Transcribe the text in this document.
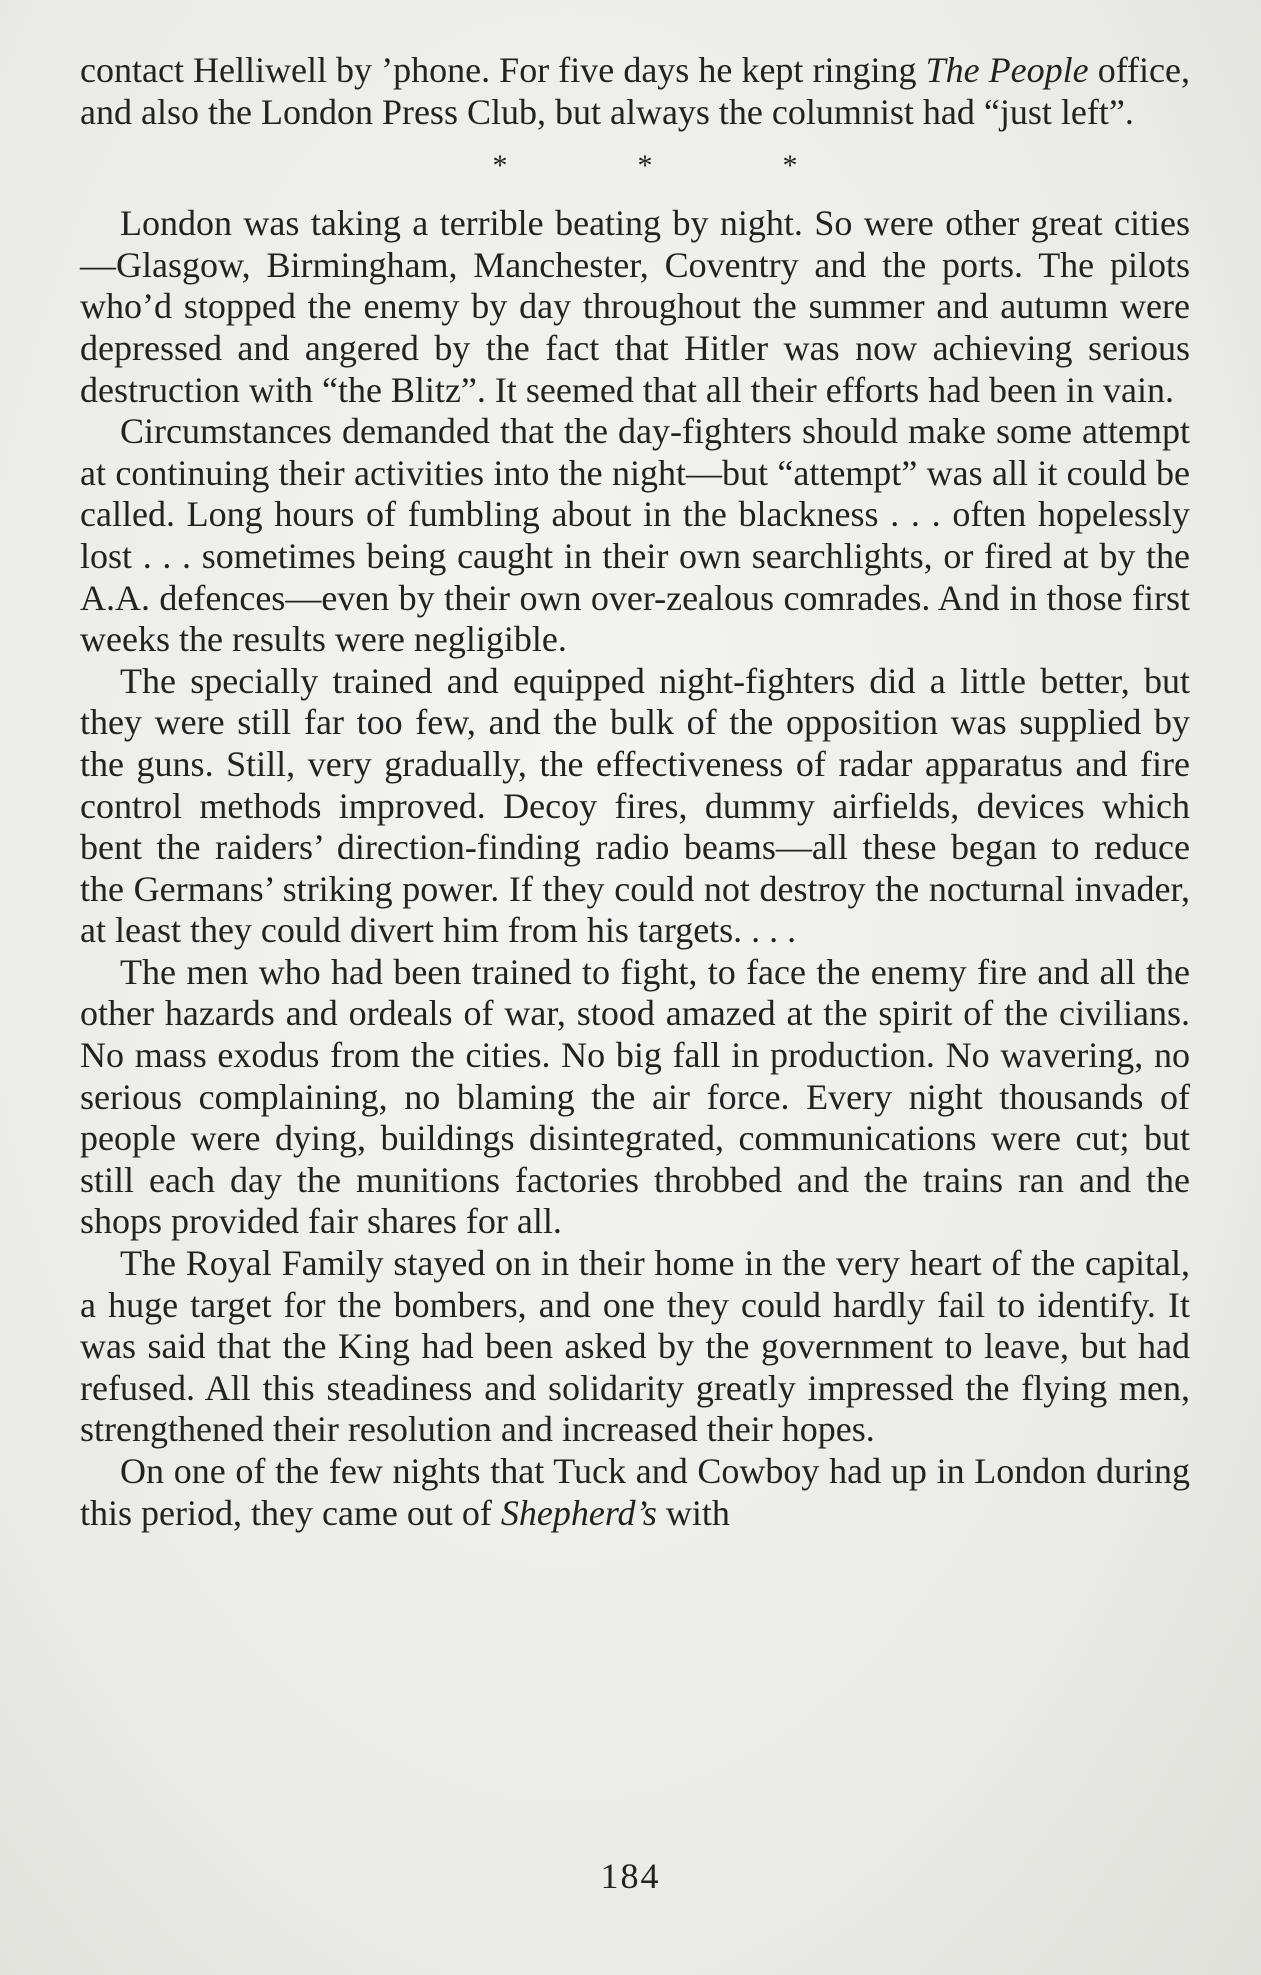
contact Helliwell by ’phone. For five days he kept ringing The People office, and also the London Press Club, but always the columnist had “just left”.

*	*	*

London was taking a terrible beating by night. So were other great cities—Glasgow, Birmingham, Manchester, Coventry and the ports. The pilots who’d stopped the enemy by day throughout the summer and autumn were depressed and angered by the fact that Hitler was now achieving serious destruction with “the Blitz”. It seemed that all their efforts had been in vain.

Circumstances demanded that the day-fighters should make some attempt at continuing their activities into the night—but “attempt” was all it could be called. Long hours of fumbling about in the blackness . . . often hopelessly lost . . . sometimes being caught in their own searchlights, or fired at by the A.A. defences—even by their own over-zealous comrades. And in those first weeks the results were negligible.

The specially trained and equipped night-fighters did a little better, but they were still far too few, and the bulk of the opposition was supplied by the guns. Still, very gradually, the effectiveness of radar apparatus and fire control methods improved. Decoy fires, dummy airfields, devices which bent the raiders’ direction-finding radio beams—all these began to reduce the Germans’ striking power. If they could not destroy the nocturnal invader, at least they could divert him from his targets. . . .

The men who had been trained to fight, to face the enemy fire and all the other hazards and ordeals of war, stood amazed at the spirit of the civilians. No mass exodus from the cities. No big fall in production. No wavering, no serious complaining, no blaming the air force. Every night thousands of people were dying, buildings disintegrated, communications were cut; but still each day the munitions factories throbbed and the trains ran and the shops provided fair shares for all.

The Royal Family stayed on in their home in the very heart of the capital, a huge target for the bombers, and one they could hardly fail to identify. It was said that the King had been asked by the government to leave, but had refused. All this steadiness and solidarity greatly impressed the flying men, strengthened their resolution and increased their hopes.

On one of the few nights that Tuck and Cowboy had up in London during this period, they came out of Shepherd’s with

184
